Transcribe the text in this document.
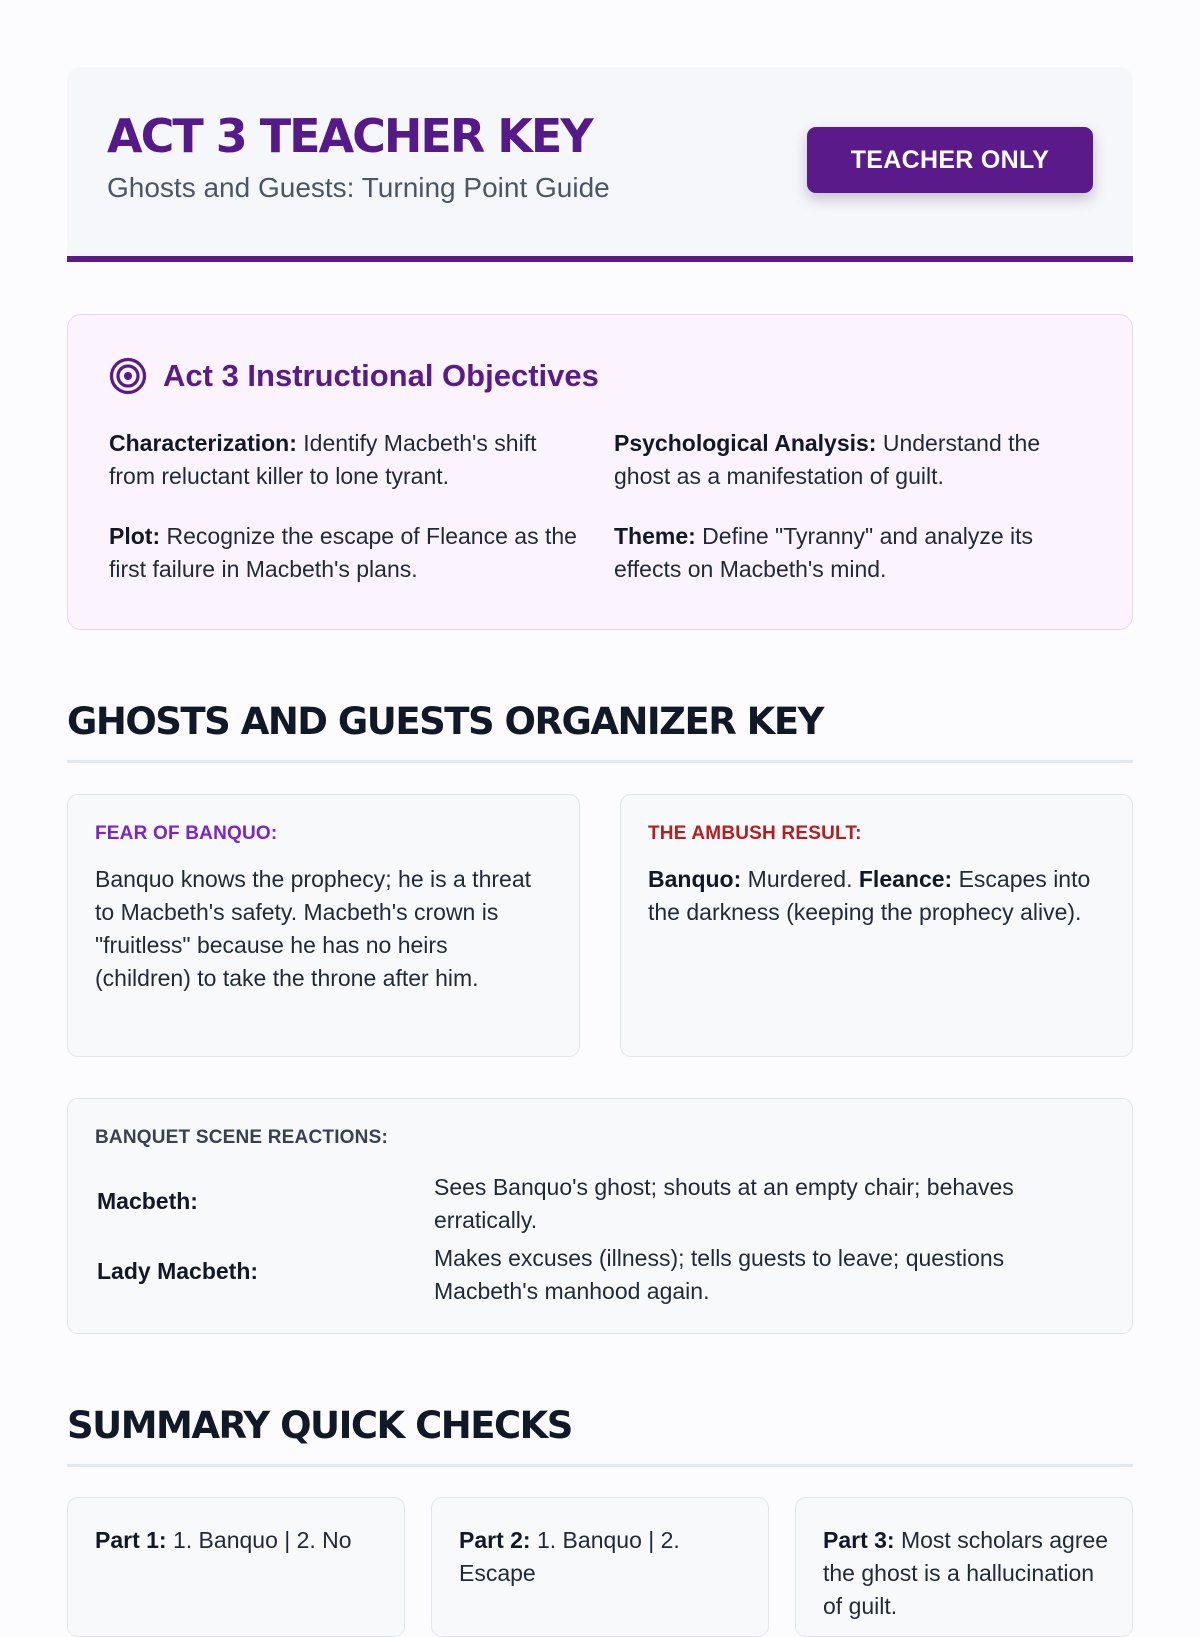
ACT 3 TEACHER KEY
Ghosts and Guests: Turning Point Guide
TEACHER ONLY
Act 3 Instructional Objectives
Characterization: Identify Macbeth's shift from reluctant killer to lone tyrant.
Psychological Analysis: Understand the ghost as a manifestation of guilt.
Plot: Recognize the escape of Fleance as the first failure in Macbeth's plans.
Theme: Define "Tyranny" and analyze its effects on Macbeth's mind.
GHOSTS AND GUESTS ORGANIZER KEY
FEAR OF BANQUO:
Banquo knows the prophecy; he is a threat to Macbeth's safety. Macbeth's crown is "fruitless" because he has no heirs (children) to take the throne after him.
THE AMBUSH RESULT:
Banquo: Murdered. Fleance: Escapes into the darkness (keeping the prophecy alive).
BANQUET SCENE REACTIONS:
Macbeth:
Sees Banquo's ghost; shouts at an empty chair; behaves erratically.
Lady Macbeth:	Makes excuses (illness); tells guests to leave; questions Macbeth's manhood again.
SUMMARY QUICK CHECKS
Part 1: 1. Banquo | 2. No	Part 2: 1. Banquo | 2. Escape
Part 3: Most scholars agree the ghost is a hallucination of guilt.
